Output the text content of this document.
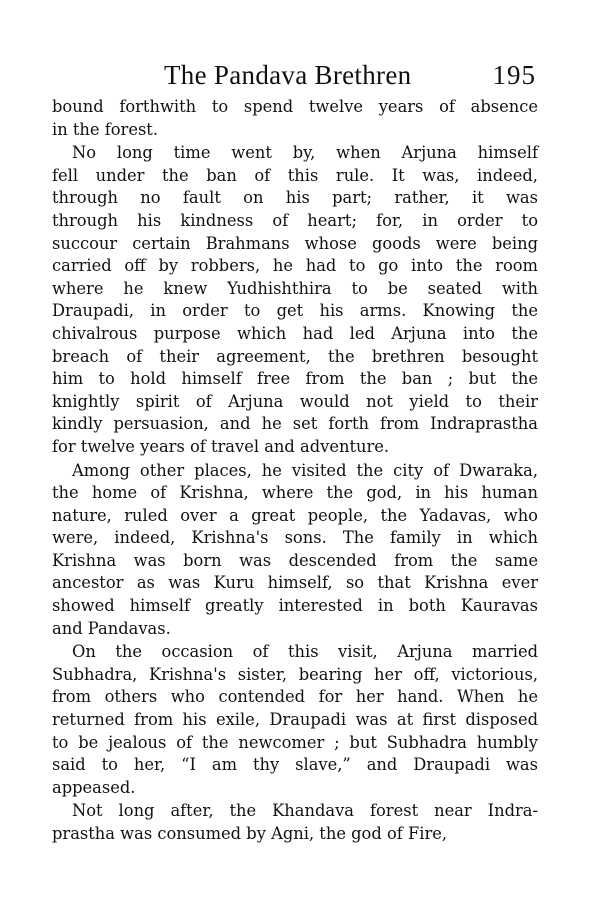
The Pandava Brethren	195
bound forthwith to spend twelve years of absence
in the forest.
No long time went by, when Arjuna himself
fell under the ban of this rule. It was, indeed,
through no fault on his part; rather, it was
through his kindness of heart; for, in order to
succour certain Brahmans whose goods were being
carried off by robbers, he had to go into the room
where he knew Yudhishthira to be seated with
Draupadi, in order to get his arms. Knowing the
chivalrous purpose which had led Arjuna into the
breach of their agreement, the brethren besought
him to hold himself free from the ban ; but the
knightly spirit of Arjuna would not yield to their
kindly persuasion, and he set forth from Indraprastha
for twelve years of travel and adventure.
Among other places, he visited the city of Dwaraka,
the home of Krishna, where the god, in his human
nature, ruled over a great people, the Yadavas, who
were, indeed, Krishna's sons. The family in which
Krishna was born was descended from the same
ancestor as was Kuru himself, so that Krishna ever
showed himself greatly interested in both Kauravas
and Pandavas.
On the occasion of this visit, Arjuna married
Subhadra, Krishna's sister, bearing her off, victorious,
from others who contended for her hand. When he
returned from his exile, Draupadi was at first disposed
to be jealous of the newcomer ; but Subhadra humbly
said to her, “I am thy slave,” and Draupadi was
appeased.
Not long after, the Khandava forest near Indra-
prastha was consumed by Agni, the god of Fire,
